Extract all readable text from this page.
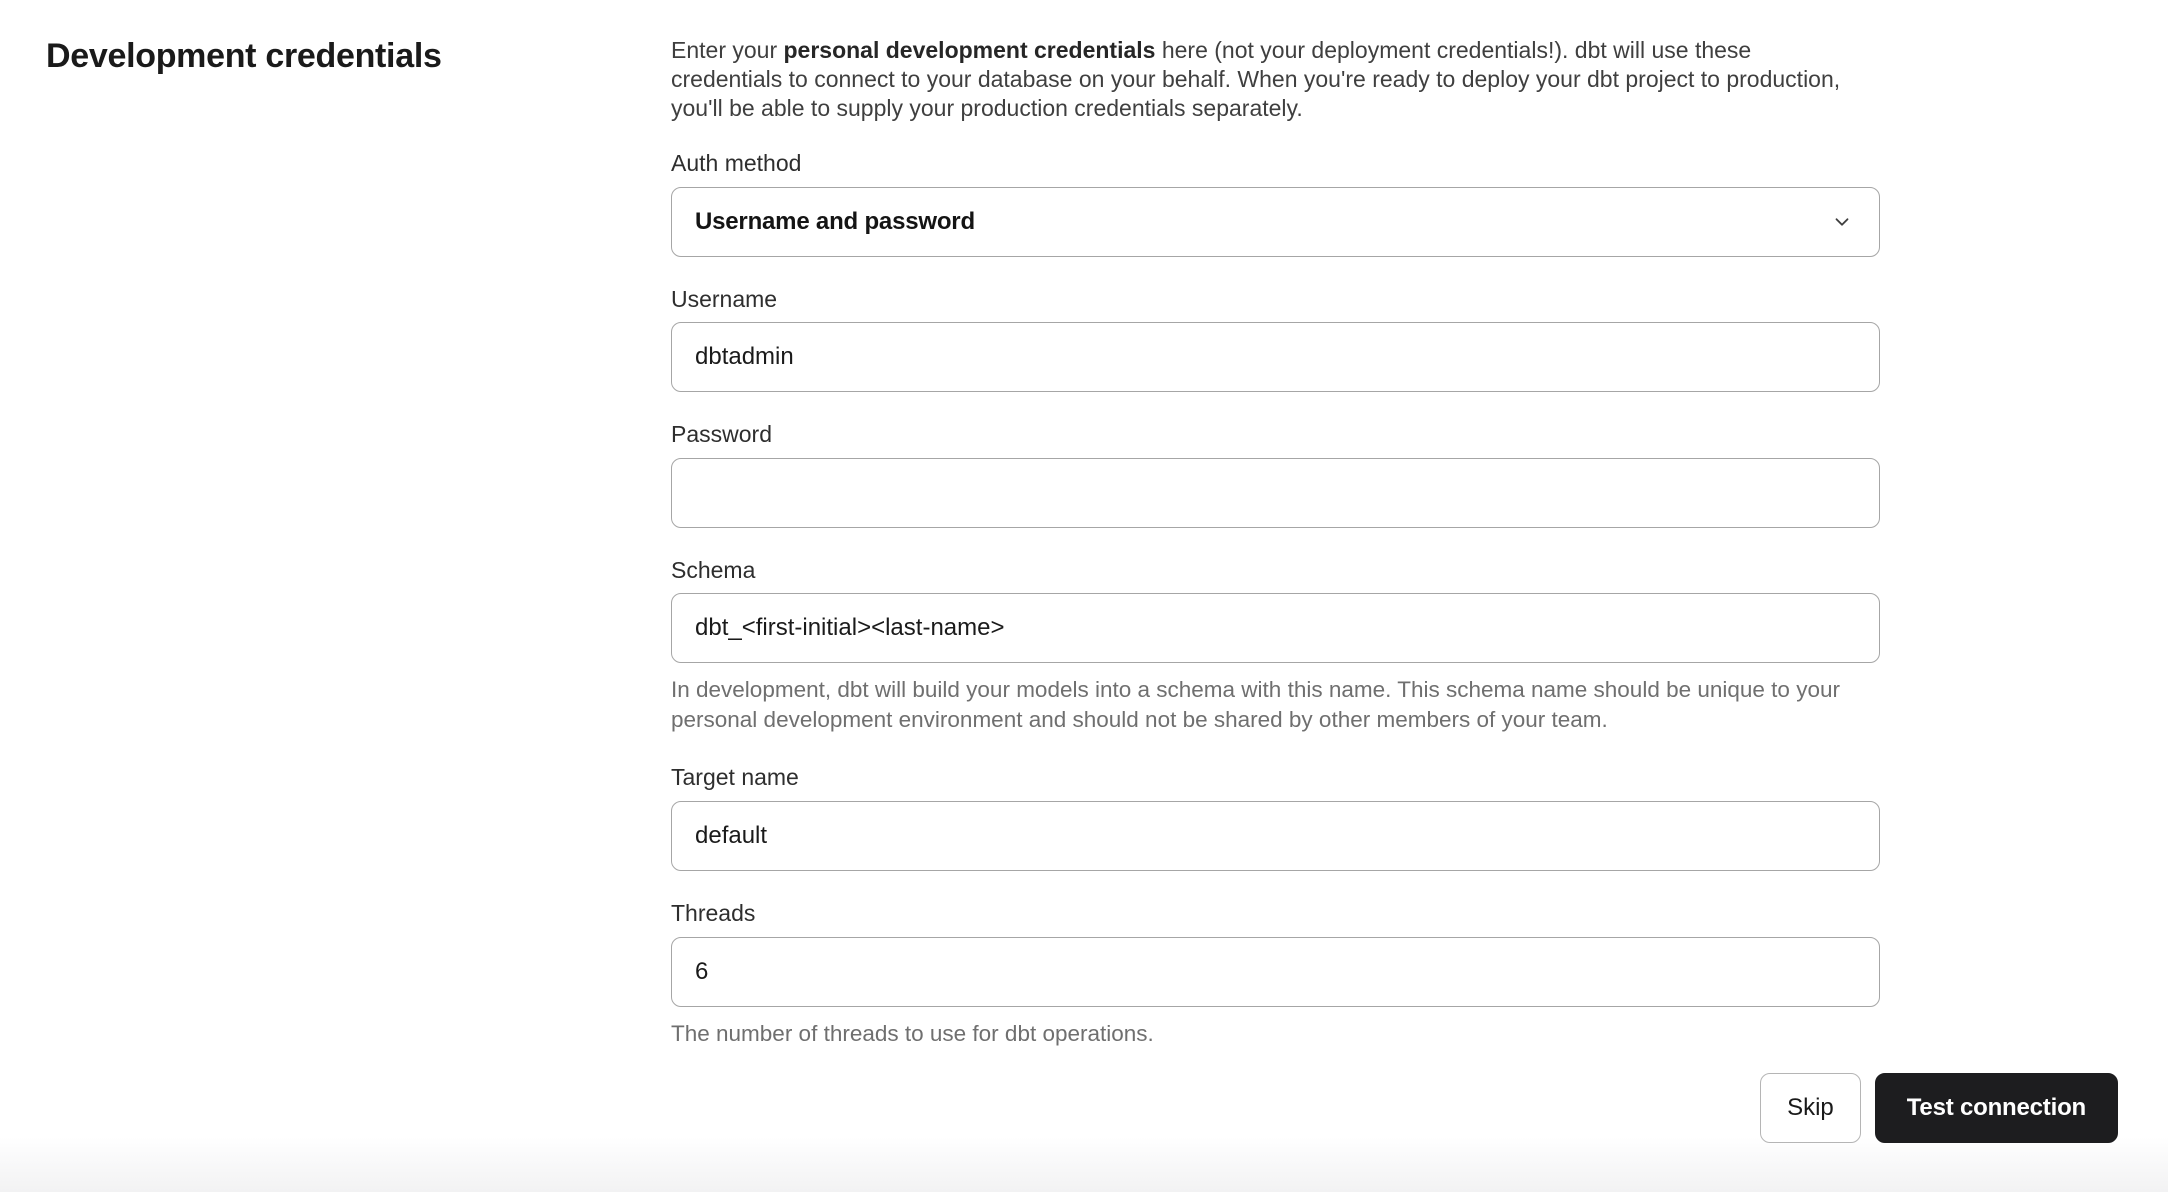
Development credentials	Enter your personal development credentials here (not your deployment credentials!). dbt will use these credentials to connect to your database on your behalf. When you're ready to deploy your dbt project to production, you'll be able to supply your production credentials separately.

Auth method
Username and password
Username
dbtadmin
Password
Schema
dbt_<first-initial><last-name>

In development, dbt will build your models into a schema with this name. This schema name should be unique to your personal development environment and should not be shared by other members of your team.

Target name
default
Threads
6

The number of threads to use for dbt operations.

Skip	Test connection
